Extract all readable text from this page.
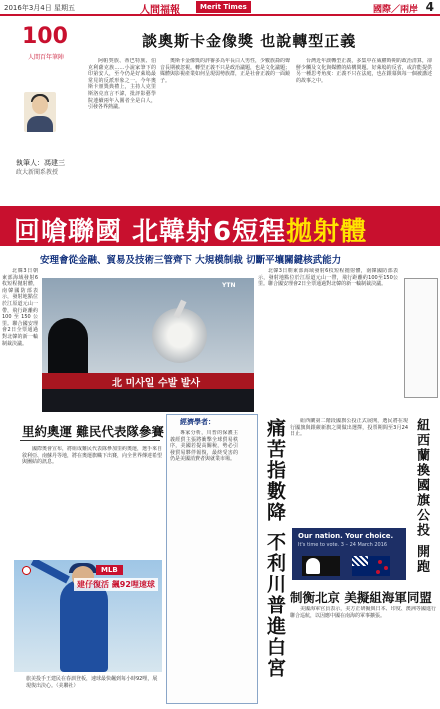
2016年3月4日 星期五	人間福報	Merit Times	國際／兩岸 4
100
人間百年筆陣
談奧斯卡金像獎 也說轉型正義
執筆人：馮建三
政大新聞系教授

阿帕契族、蒂巴特族、伯克利薩克族……小說家筆下的印第安人，至今仍是好萊塢最常見的反派形象之一。今年奧斯卡頒獎典禮上，主持人克里斯洛克直言不諱，批評影藝學院連續兩年入圍者全是白人，引發各界熱議。

奧斯卡金像獎的評審多為年長白人男性，少數族裔的聲音長期被忽視。轉型正義不只是政治議題，也是文化議題；媒體與影視產業如何呈現弱勢族群，正是社會正義的一面鏡子。

台灣近年談轉型正義，多集中在威權時期的政治清算，卻鮮少觸及文化與媒體的結構問題。好萊塢的反省，或許能提供另一種思考角度：正義不只在法庭，也在銀幕與每一個被講述的故事之中。

回嗆聯國 北韓射6短程拋射體
安理會從金融、貿易及技術三管齊下 大規模制裁 切斷平壤關鍵核武能力

北韓3日朝東部海域發射6枚短程拋射體，南韓國防部表示，發射地點位於江原道元山一帶，飛行距離約100至150公里。聯合國安理會2日全票通過對北韓的新一輪制裁決議。

北 미사일 수발 발사
YTN

北韓3日朝東部海域發射6枚短程拋射體，南韓國防部表示，發射地點位於江原道元山一帶，飛行距離約100至150公里。聯合國安理會2日全票通過對北韓的新一輪制裁決議。

里約奧運 難民代表隊參賽

國際奧會宣布，將組成難民代表隊參加里約奧運，選手來自敘利亞、南蘇丹等地，將在奧運旗幟下出賽，向全世界傳達希望與團結的訊息。

MLB
建仔復活 飆92哩速球
旅美投手王建民在春訓登板，速球最快飆到每小時92哩，展現復出決心。（美聯社）
經濟學者：

專家分析，川普的保護主義經貿主張將衝擊全球貿易秩序，美國若提高關稅，勢必引發貿易夥伴報復，最終受害的仍是美國消費者與就業市場。 痛苦指數降 不利川普進白宮	紐西蘭第二階段國旗公投正式展開，選民將在現行國旗與銀蕨新旗之間做出選擇，投票期間至3月24日止。

Our nation. Your choice.
It's time to vote. 3 – 24 March 2016 紐西蘭換國旗公投 開跑
制衡北京 美擬組海軍同盟

美國海軍官員表示，美方正研擬與日本、印度、澳洲等國進行聯合巡航，以因應中國在南海的軍事擴張。
